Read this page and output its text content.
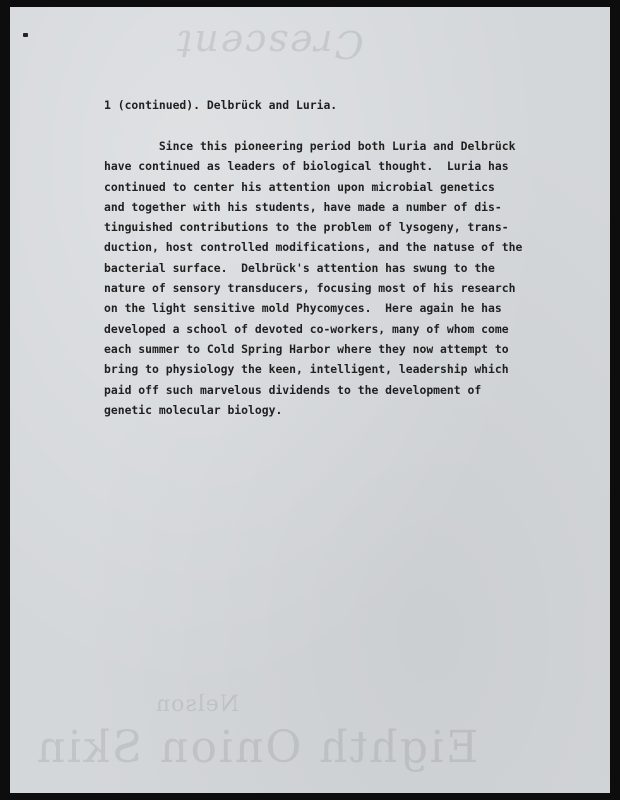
Crescent
Nelson
Eighth Onion Skin

1 (continued). Delbrück and Luria.

Since this pioneering period both Luria and Delbrück
have continued as leaders of biological thought.  Luria has
continued to center his attention upon microbial genetics
and together with his students, have made a number of dis-
tinguished contributions to the problem of lysogeny, trans-
duction, host controlled modifications, and the natuse of the
bacterial surface.  Delbrück's attention has swung to the
nature of sensory transducers, focusing most of his research
on the light sensitive mold Phycomyces.  Here again he has
developed a school of devoted co-workers, many of whom come
each summer to Cold Spring Harbor where they now attempt to
bring to physiology the keen, intelligent, leadership which
paid off such marvelous dividends to the development of
genetic molecular biology.
